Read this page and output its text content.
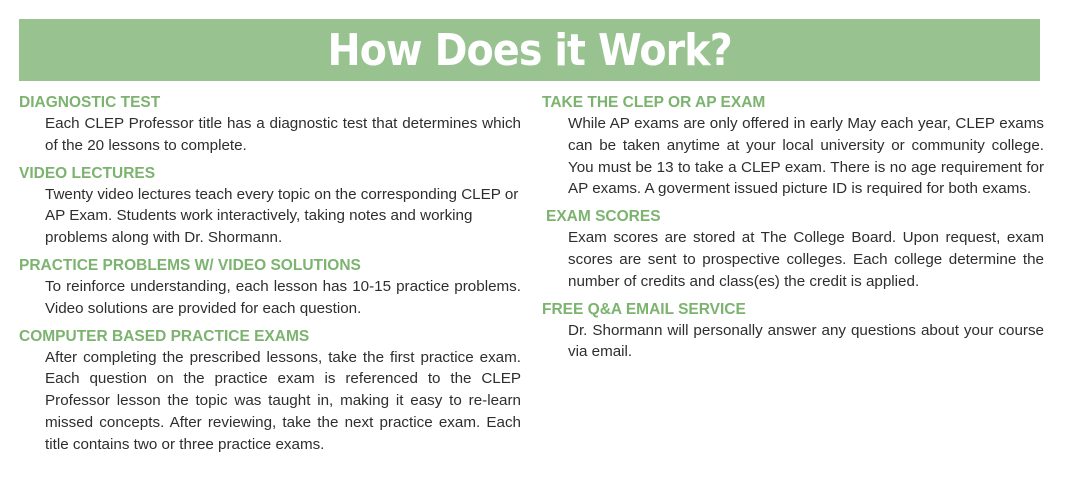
How Does it Work?

DIAGNOSTIC TEST

Each CLEP Professor title has a diagnostic test that determines which of the 20 lessons to complete.

VIDEO LECTURES

Twenty video lectures teach every topic on the corresponding CLEP or AP Exam. Students work interactively, taking notes and working problems along with Dr. Shormann.

PRACTICE PROBLEMS W/ VIDEO SOLUTIONS

To reinforce understanding, each lesson has 10-15 practice problems. Video solutions are provided for each question.

COMPUTER BASED PRACTICE EXAMS

After completing the prescribed lessons, take the first practice exam. Each question on the practice exam is referenced to the CLEP Professor lesson the topic was taught in, making it easy to re-learn missed concepts. After reviewing, take the next practice exam. Each title contains two or three practice exams.

TAKE THE CLEP OR AP EXAM

While AP exams are only offered in early May each year, CLEP exams can be taken anytime at your local university or community college. You must be 13 to take a CLEP exam. There is no age requirement for AP exams. A goverment issued picture ID is required for both exams.

EXAM SCORES

Exam scores are stored at The College Board. Upon request, exam scores are sent to prospective colleges. Each college determine the number of credits and class(es) the credit is applied.

FREE Q&A EMAIL SERVICE

Dr. Shormann will personally answer any questions about your course via email.
